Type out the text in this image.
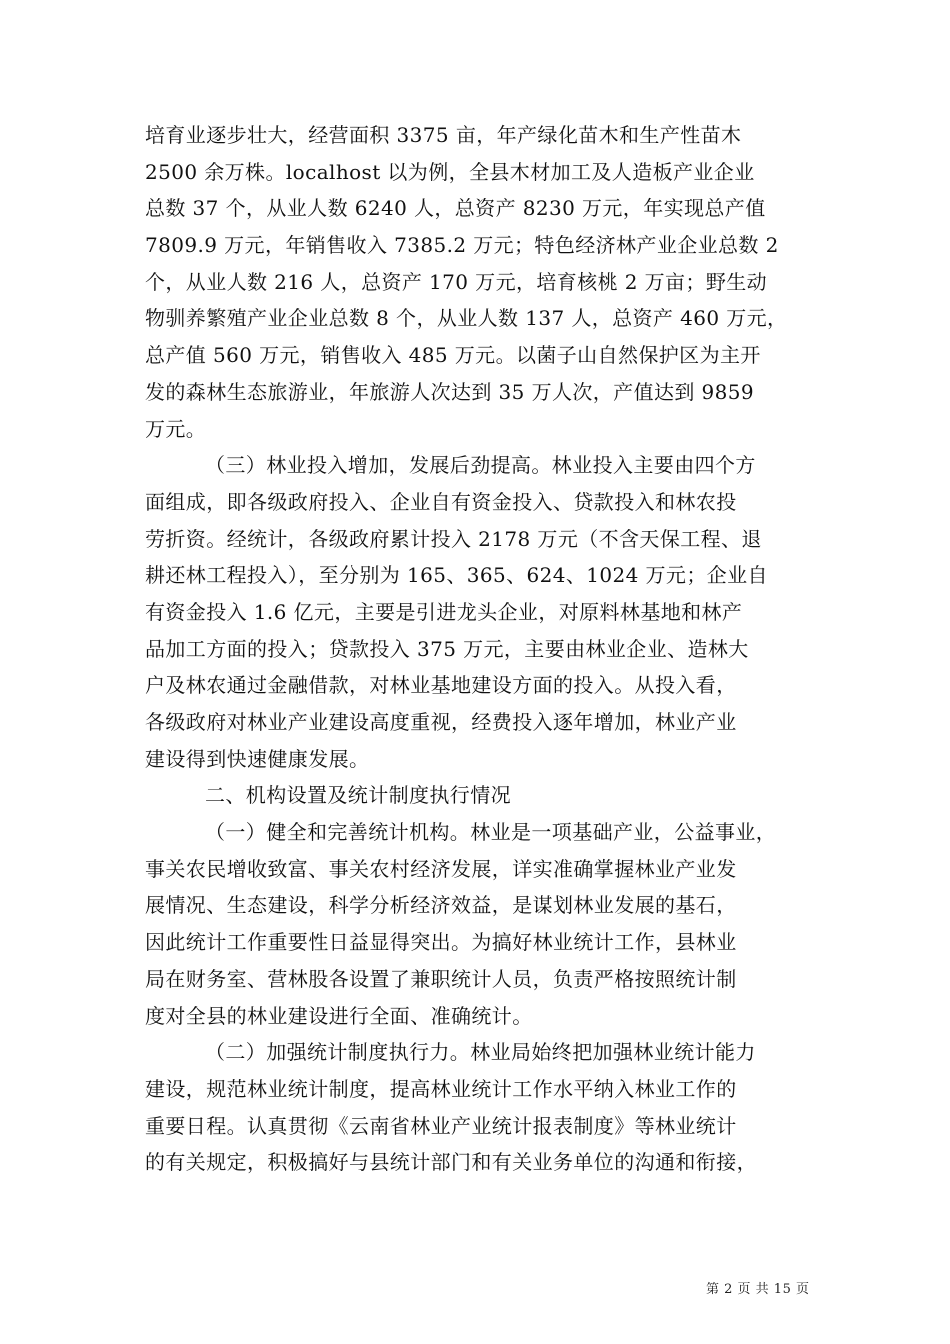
培育业逐步壮大，经营面积 3375 亩，年产绿化苗木和生产性苗木
2500 余万株。localhost 以为例，全县木材加工及人造板产业企业
总数 37 个，从业人数 6240 人，总资产 8230 万元，年实现总产值
7809.9 万元，年销售收入 7385.2 万元；特色经济林产业企业总数 2
个，从业人数 216 人，总资产 170 万元，培育核桃 2 万亩；野生动
物驯养繁殖产业企业总数 8 个，从业人数 137 人，总资产 460 万元，
总产值 560 万元，销售收入 485 万元。以菌子山自然保护区为主开
发的森林生态旅游业，年旅游人次达到 35 万人次，产值达到 9859
万元。
（三）林业投入增加，发展后劲提高。林业投入主要由四个方
面组成，即各级政府投入、企业自有资金投入、贷款投入和林农投
劳折资。经统计，各级政府累计投入 2178 万元（不含天保工程、退
耕还林工程投入），至分别为 165、365、624、1024 万元；企业自
有资金投入 1.6 亿元，主要是引进龙头企业，对原料林基地和林产
品加工方面的投入；贷款投入 375 万元，主要由林业企业、造林大
户及林农通过金融借款，对林业基地建设方面的投入。从投入看，
各级政府对林业产业建设高度重视，经费投入逐年增加，林业产业
建设得到快速健康发展。
二、机构设置及统计制度执行情况
（一）健全和完善统计机构。林业是一项基础产业，公益事业，
事关农民增收致富、事关农村经济发展，详实准确掌握林业产业发
展情况、生态建设，科学分析经济效益，是谋划林业发展的基石，
因此统计工作重要性日益显得突出。为搞好林业统计工作，县林业
局在财务室、营林股各设置了兼职统计人员，负责严格按照统计制
度对全县的林业建设进行全面、准确统计。
（二）加强统计制度执行力。林业局始终把加强林业统计能力
建设，规范林业统计制度，提高林业统计工作水平纳入林业工作的
重要日程。认真贯彻《云南省林业产业统计报表制度》等林业统计
的有关规定，积极搞好与县统计部门和有关业务单位的沟通和衔接，
第 2 页 共 15 页
